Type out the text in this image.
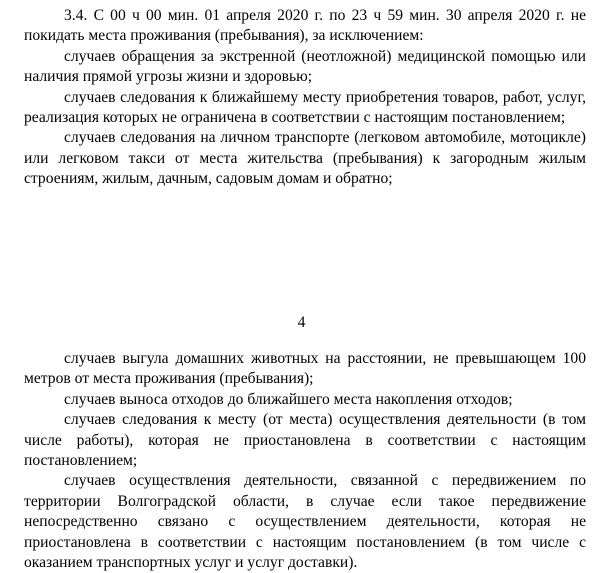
3.4. С 00 ч 00 мин. 01 апреля 2020 г. по 23 ч 59 мин. 30 апреля 2020 г. не покидать места проживания (пребывания), за исключением:

случаев обращения за экстренной (неотложной) медицинской помощью или наличия прямой угрозы жизни и здоровью;

случаев следования к ближайшему месту приобретения товаров, работ, услуг, реализация которых не ограничена в соответствии с настоящим постановлением;

случаев следования на личном транспорте (легковом автомобиле, мотоцикле) или легковом такси от места жительства (пребывания) к загородным жилым строениям, жилым, дачным, садовым домам и обратно;

4

случаев выгула домашних животных на расстоянии, не превышающем 100 метров от места проживания (пребывания);

случаев выноса отходов до ближайшего места накопления отходов;

случаев следования к месту (от места) осуществления деятельности (в том числе работы), которая не приостановлена в соответствии с настоящим постановлением;

случаев осуществления деятельности, связанной с передвижением по территории Волгоградской области, в случае если такое передвижение непосредственно связано с осуществлением деятельности, которая не приостановлена в соответствии с настоящим постановлением (в том числе с оказанием транспортных услуг и услуг доставки).
